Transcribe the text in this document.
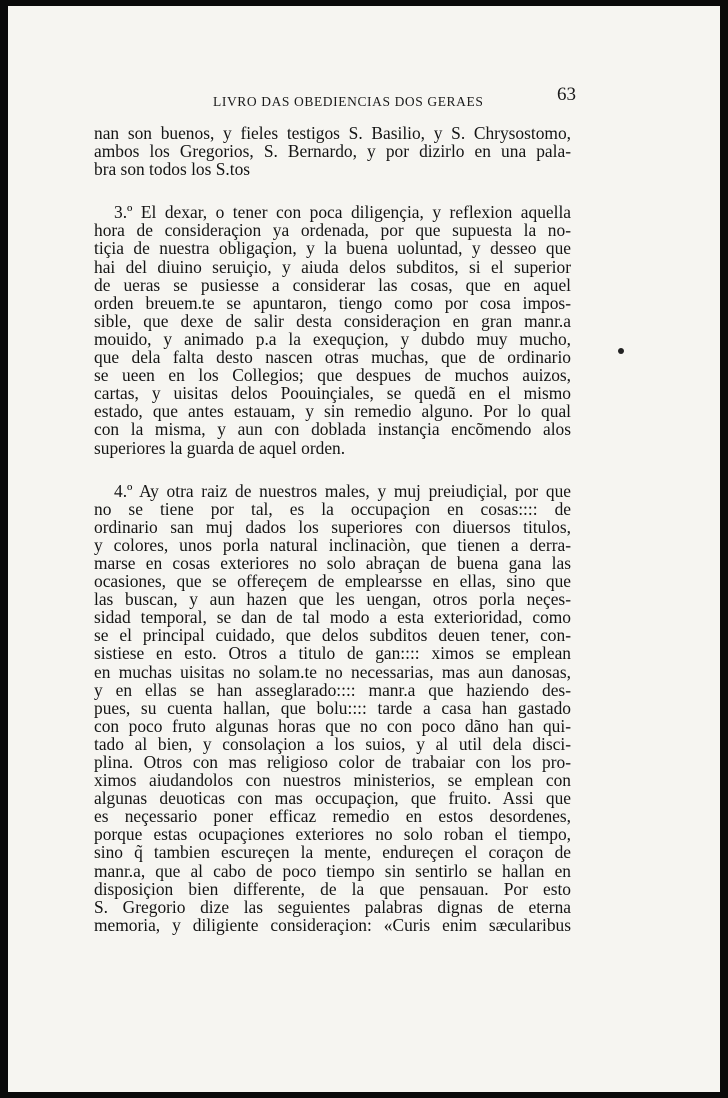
LIVRO DAS OBEDIENCIAS DOS GERAES	63

nan son buenos, y fieles testigos S. Basilio, y S. Chrysostomo,

ambos los Gregorios, S. Bernardo, y por dizirlo en una pala-

bra son todos los S.tos

3.º El dexar, o tener con poca diligençia, y reflexion aquella

hora de consideraçion ya ordenada, por que supuesta la no-

tiçia de nuestra obligaçion, y la buena uoluntad, y desseo que

hai del diuino seruiçio, y aiuda delos subditos, si el superior

de ueras se pusiesse a considerar las cosas, que en aquel

orden breuem.te se apuntaron, tiengo como por cosa impos-

sible, que dexe de salir desta consideraçion en gran manr.a

mouido, y animado p.a la exequçion, y dubdo muy mucho,

que dela falta desto nascen otras muchas, que de ordinario

se ueen en los Collegios; que despues de muchos auizos,

cartas, y uisitas delos Poouinçiales, se quedã en el mismo

estado, que antes estauam, y sin remedio alguno. Por lo qual

con la misma, y aun con doblada instançia encõmendo alos

superiores la guarda de aquel orden.

4.º Ay otra raiz de nuestros males, y muj preiudiçial, por que

no se tiene por tal, es la occupaçion en cosas:::: de

ordinario san muj dados los superiores con diuersos titulos,

y colores, unos porla natural inclinaciòn, que tienen a derra-

marse en cosas exteriores no solo abraçan de buena gana las

ocasiones, que se offereçem de emplearsse en ellas, sino que

las buscan, y aun hazen que les uengan, otros porla neçes-

sidad temporal, se dan de tal modo a esta exterioridad, como

se el principal cuidado, que delos subditos deuen tener, con-

sistiese en esto. Otros a titulo de gan:::: ximos se emplean

en muchas uisitas no solam.te no necessarias, mas aun danosas,

y en ellas se han asseglarado:::: manr.a que haziendo des-

pues, su cuenta hallan, que bolu:::: tarde a casa han gastado

con poco fruto algunas horas que no con poco dãno han qui-

tado al bien, y consolaçion a los suios, y al util dela disci-

plina. Otros con mas religioso color de trabaiar con los pro-

ximos aiudandolos con nuestros ministerios, se emplean con

algunas deuoticas con mas occupaçion, que fruito. Assi que

es neçessario poner efficaz remedio en estos desordenes,

porque estas ocupaçiones exteriores no solo roban el tiempo,

sino q̃ tambien escureçen la mente, endureçen el coraçon de

manr.a, que al cabo de poco tiempo sin sentirlo se hallan en

disposiçion bien differente, de la que pensauan. Por esto

S. Gregorio dize las seguientes palabras dignas de eterna

memoria, y diligiente consideraçion: «Curis enim sæcularibus
